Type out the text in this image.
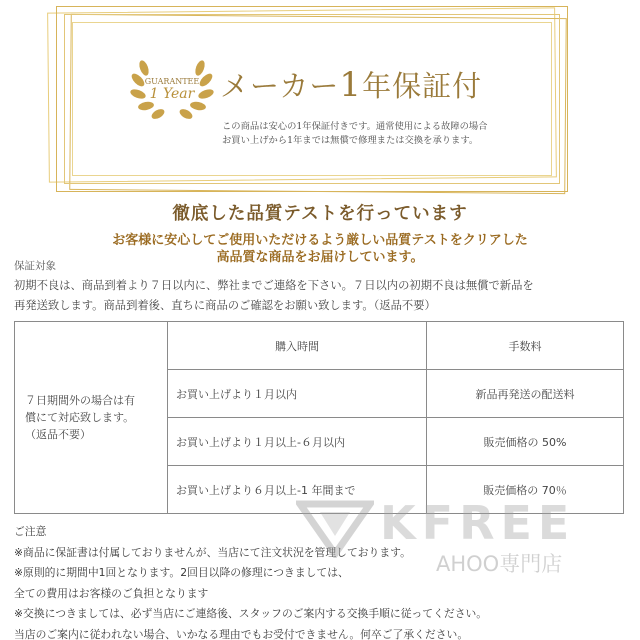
GUARANTEE
1 Year メーカー1年保証付
この商品は安心の1年保証付きです。通常使用による故障の場合
お買い上げから1年までは無償で修理または交換を承ります。
徹底した品質テストを行っています
お客様に安心してご使用いただけるよう厳しい品質テストをクリアした
高品質な商品をお届けしています。
保証対象
初期不良は、商品到着より７日以内に、弊社までご連絡を下さい。７日以内の初期不良は無償で新品を
再発送致します。商品到着後、直ちに商品のご確認をお願い致します。（返品不要）
７日期間外の場合は有
償にて対応致します。
（返品不要）	購入時間	手数料
	お買い上げより１月以内	新品再発送の配送料
	お買い上げより１月以上-６月以内	販売価格の 50%
	お買い上げより６月以上-1 年間まで	販売価格の 70％
ご注意
※商品に保証書は付属しておりませんが、当店にて注文状況を管理しております。
※原則的に期間中1回となります。2回目以降の修理につきましては、
全ての費用はお客様のご負担となります
※交換につきましては、必ず当店にご連絡後、スタッフのご案内する交換手順に従ってください。
当店のご案内に従われない場合、いかなる理由でもお受付できません。何卒ご了承ください。
KFREE
AHOO専門店
